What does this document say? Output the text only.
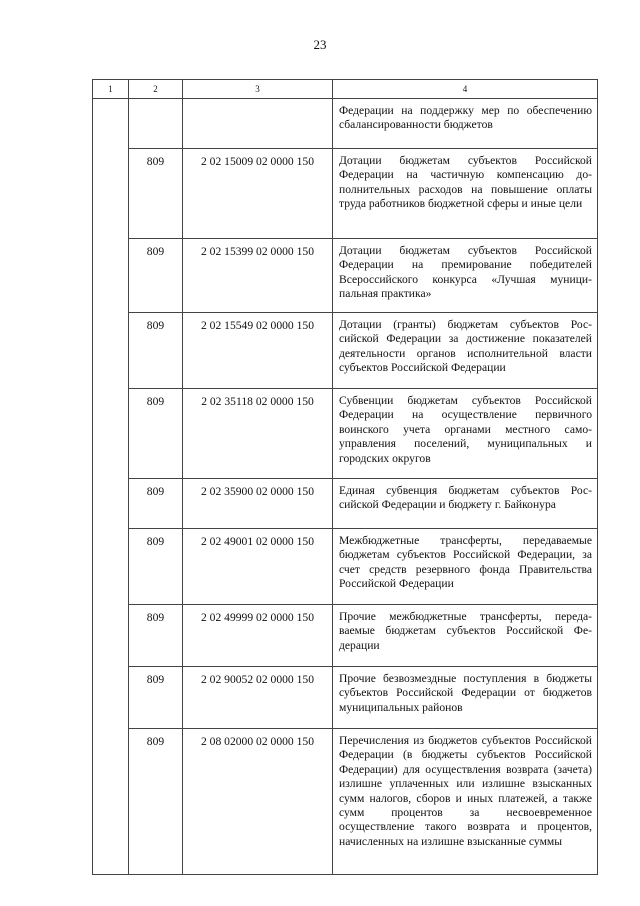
23
1	2	3	4
			Федерации на поддержку мер по обеспечению сбалансированности бюджетов
	809	2 02 15009 02 0000 150	Дотации бюджетам субъектов Российской Федерации на частичную компенсацию дополнительных расходов на повышение оплаты труда работников бюджетной сферы и иные цели
	809	2 02 15399 02 0000 150	Дотации бюджетам субъектов Российской Федерации на премирование победителей Всероссийского конкурса «Лучшая муниципальная практика»
	809	2 02 15549 02 0000 150	Дотации (гранты) бюджетам субъектов Российской Федерации за достижение показателей деятельности органов исполнительной власти субъектов Российской Федерации
	809	2 02 35118 02 0000 150	Субвенции бюджетам субъектов Российской Федерации на осуществление первичного воинского учета органами местного самоуправления поселений, муниципальных и городских округов
	809	2 02 35900 02 0000 150	Единая субвенция бюджетам субъектов Российской Федерации и бюджету г. Байконура
	809	2 02 49001 02 0000 150	Межбюджетные трансферты, передаваемые бюджетам субъектов Российской Федерации, за счет средств резервного фонда Правительства Российской Федерации
	809	2 02 49999 02 0000 150	Прочие межбюджетные трансферты, передаваемые бюджетам субъектов Российской Федерации
	809	2 02 90052 02 0000 150	Прочие безвозмездные поступления в бюджеты субъектов Российской Федерации от бюджетов муниципальных районов
	809	2 08 02000 02 0000 150	Перечисления из бюджетов субъектов Российской Федерации (в бюджеты субъектов Российской Федерации) для осуществления возврата (зачета) излишне уплаченных или излишне взысканных сумм налогов, сборов и иных платежей, а также сумм процентов за несвоевременное осуществление такого возврата и процентов, начисленных на излишне взысканные суммы
